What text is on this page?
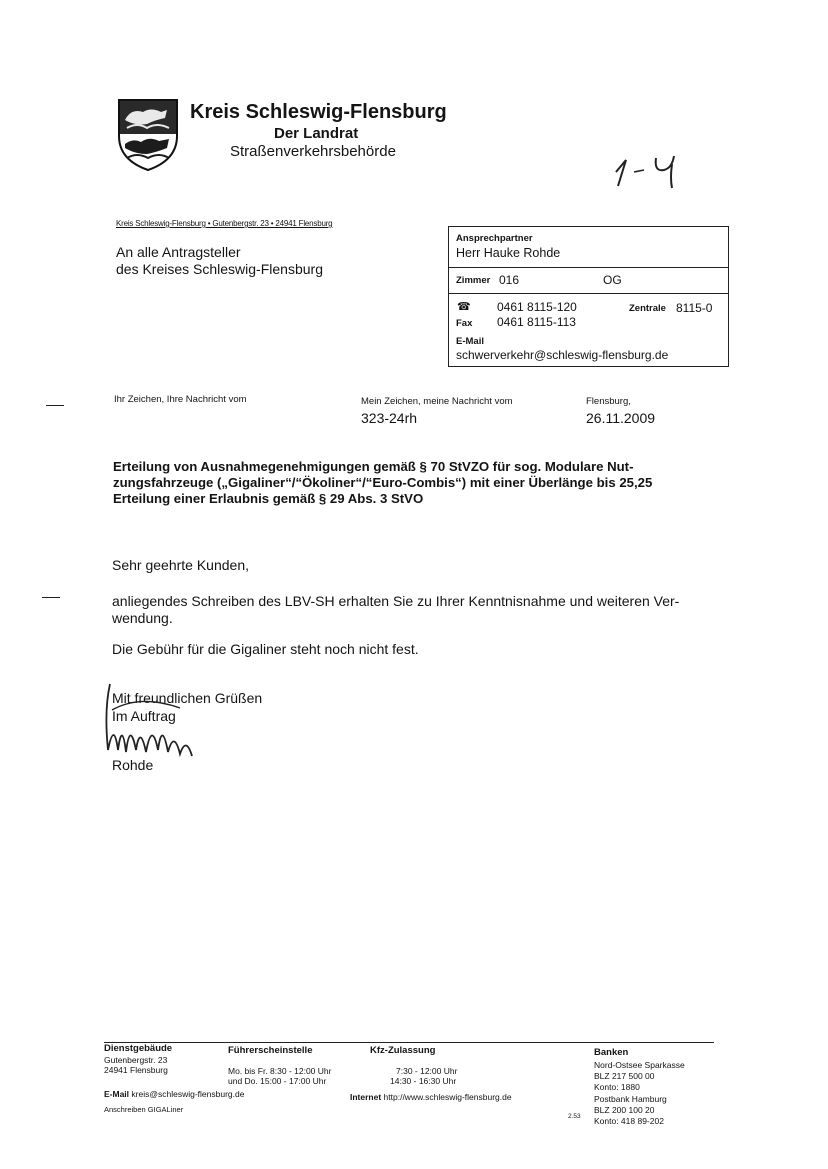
Kreis Schleswig-Flensburg
Der Landrat
Straßenverkehrsbehörde
Kreis Schleswig-Flensburg • Gutenbergstr. 23 • 24941 Flensburg
An alle Antragsteller
des Kreises Schleswig-Flensburg
Ansprechpartner
Herr Hauke Rohde
Zimmer 016	OG
☎ 0461 8115-120	Zentrale 8115-0
Fax 0461 8115-113
E-Mail
schwerverkehr@schleswig-flensburg.de
Ihr Zeichen, Ihre Nachricht vom	Mein Zeichen, meine Nachricht vom
323-24rh
Flensburg,
26.11.2009
Erteilung von Ausnahmegenehmigungen gemäß § 70 StVZO für sog. Modulare Nut-
zungsfahrzeuge („Gigaliner“/“Ökoliner“/“Euro-Combis“) mit einer Überlänge bis 25,25
Erteilung einer Erlaubnis gemäß § 29 Abs. 3 StVO
Sehr geehrte Kunden,
anliegendes Schreiben des LBV-SH erhalten Sie zu Ihrer Kenntnisnahme und weiteren Ver-
wendung.
Die Gebühr für die Gigaliner steht noch nicht fest.
Mit freundlichen Grüßen
Im Auftrag
Rohde
Dienstgebäude
Gutenbergstr. 23
24941 Flensburg
Führerscheinstelle
Mo. bis Fr. 8:30 - 12:00 Uhr
und Do. 15:00 - 17:00 Uhr
Kfz-Zulassung
7:30 - 12:00 Uhr
14:30 - 16:30 Uhr
E-Mail kreis@schleswig-flensburg.de	Internet http://www.schleswig-flensburg.de
Anschreiben GIGALiner
2.53
Banken
Nord-Ostsee Sparkasse
BLZ 217 500 00
Konto: 1880
Postbank Hamburg
BLZ 200 100 20
Konto: 418 89-202
